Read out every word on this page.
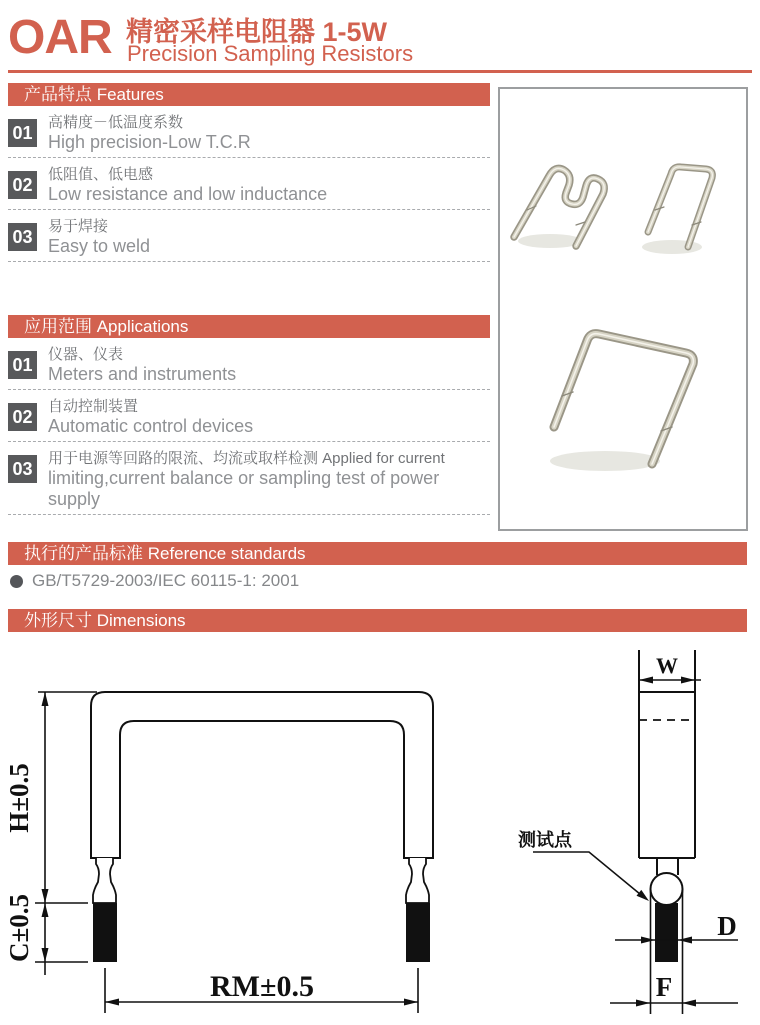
OAR 精密采样电阻器 1-5W
Precision Sampling Resistors
产品特点 Features
01
高精度－低温度系数
High precision-Low T.C.R
02
低阻值、低电感
Low resistance and low inductance
03
易于焊接
Easy to weld
应用范围 Applications
01
仪器、仪表
Meters and instruments
02
自动控制装置
Automatic control devices
03
用于电源等回路的限流、均流或取样检测 Applied for current
limiting,current balance or sampling test of power supply
执行的产品标准 Reference standards
GB/T5729-2003/IEC 60115-1: 2001
外形尺寸 Dimensions
H±0.5
C±0.5
RM±0.5
W
D
F
测试点
